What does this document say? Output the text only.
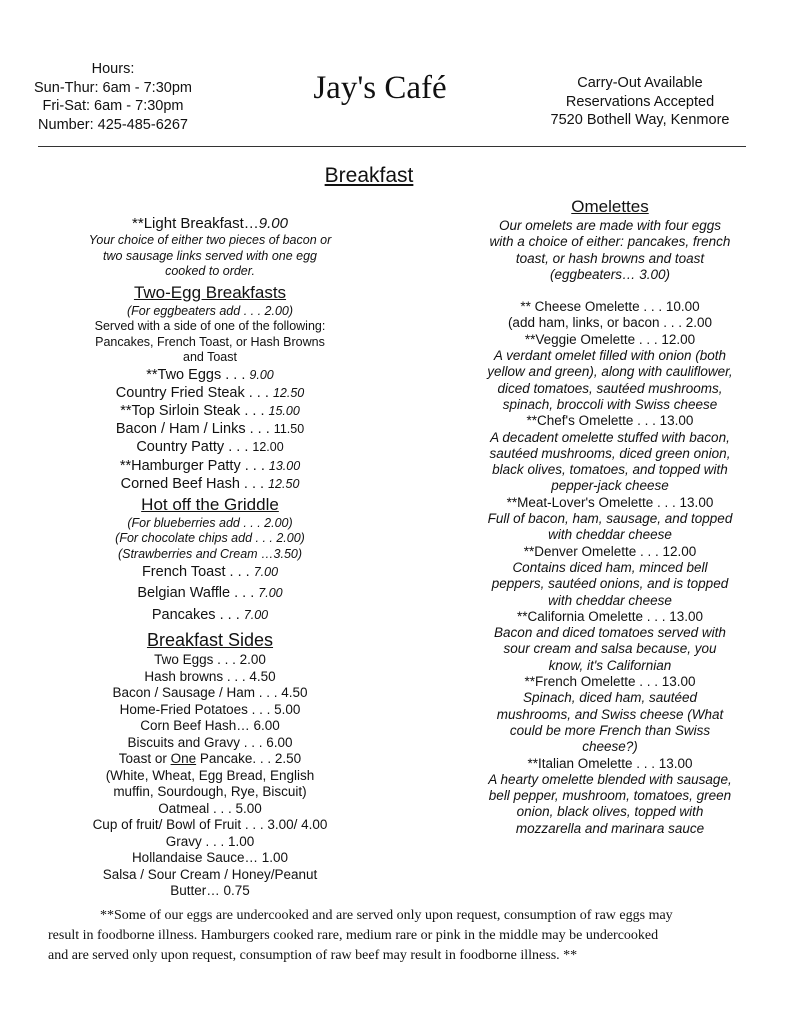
Hours:
Sun-Thur: 6am - 7:30pm
Fri-Sat: 6am - 7:30pm
Number: 425-485-6267
Jay's Café	Carry-Out Available
Reservations Accepted
7520 Bothell Way, Kenmore
Breakfast
**Light Breakfast…9.00
Your choice of either two pieces of bacon or
two sausage links served with one egg
cooked to order.
Two-Egg Breakfasts
(For eggbeaters add . . . 2.00)
Served with a side of one of the following:
Pancakes, French Toast, or Hash Browns
and Toast
**Two Eggs . . . 9.00
Country Fried Steak . . . 12.50
**Top Sirloin Steak . . . 15.00
Bacon / Ham / Links . . . 11.50
Country Patty . . . 12.00
**Hamburger Patty . . . 13.00
Corned Beef Hash . . . 12.50
Hot off the Griddle
(For blueberries add . . . 2.00)
(For chocolate chips add . . . 2.00)
(Strawberries and Cream …3.50)
French Toast . . . 7.00
Belgian Waffle . . . 7.00
Pancakes . . . 7.00
Breakfast Sides
Two Eggs . . . 2.00
Hash browns . . . 4.50
Bacon / Sausage / Ham . . . 4.50
Home-Fried Potatoes . . . 5.00
Corn Beef Hash… 6.00
Biscuits and Gravy . . . 6.00
Toast or One Pancake. . . 2.50
(White, Wheat, Egg Bread, English
muffin, Sourdough, Rye, Biscuit)
Oatmeal . . . 5.00
Cup of fruit/ Bowl of Fruit . . . 3.00/ 4.00
Gravy . . . 1.00
Hollandaise Sauce… 1.00
Salsa / Sour Cream / Honey/Peanut
Butter… 0.75
Omelettes
Our omelets are made with four eggs
with a choice of either: pancakes, french
toast, or hash browns and toast
(eggbeaters… 3.00)
** Cheese Omelette . . . 10.00
(add ham, links, or bacon . . . 2.00
**Veggie Omelette . . . 12.00
A verdant omelet filled with onion (both
yellow and green), along with cauliflower,
diced tomatoes, sautéed mushrooms,
spinach, broccoli with Swiss cheese
**Chef's Omelette . . . 13.00
A decadent omelette stuffed with bacon,
sautéed mushrooms, diced green onion,
black olives, tomatoes, and topped with
pepper-jack cheese
**Meat-Lover's Omelette . . . 13.00
Full of bacon, ham, sausage, and topped
with cheddar cheese
**Denver Omelette . . . 12.00
Contains diced ham, minced bell
peppers, sautéed onions, and is topped
with cheddar cheese
**California Omelette . . . 13.00
Bacon and diced tomatoes served with
sour cream and salsa because, you
know, it's Californian
**French Omelette . . . 13.00
Spinach, diced ham, sautéed
mushrooms, and Swiss cheese (What
could be more French than Swiss
cheese?)
**Italian Omelette . . . 13.00
A hearty omelette blended with sausage,
bell pepper, mushroom, tomatoes, green
onion, black olives, topped with
mozzarella and marinara sauce

**Some of our eggs are undercooked and are served only upon request, consumption of raw eggs may

result in foodborne illness. Hamburgers cooked rare, medium rare or pink in the middle may be undercooked

and are served only upon request, consumption of raw beef may result in foodborne illness. **
